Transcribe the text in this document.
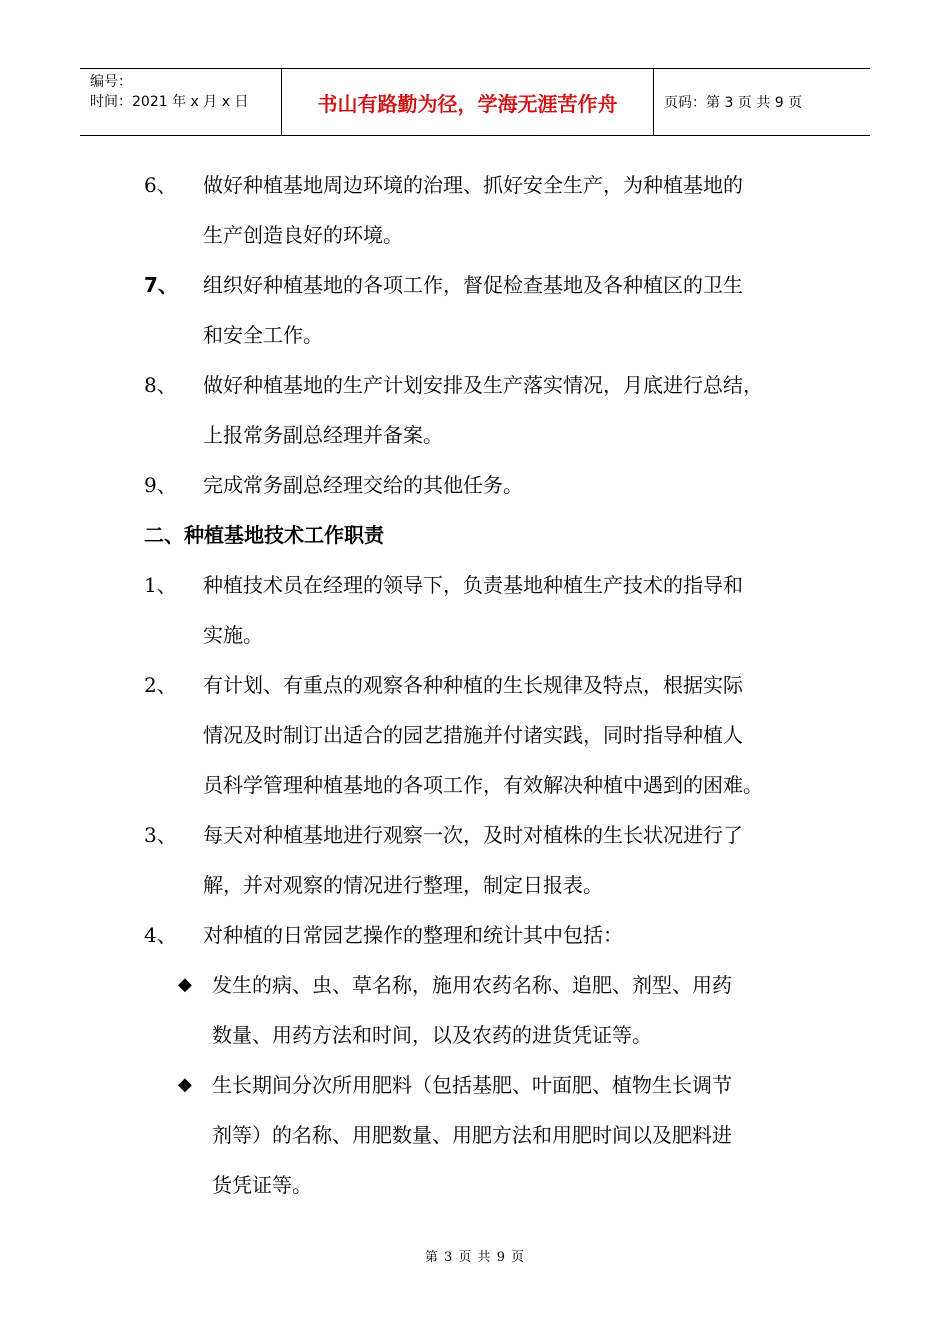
编号：
时间：2021 年 x 月 x 日	书山有路勤为径，学海无涯苦作舟	页码：第 3 页 共 9 页
6、 做好种植基地周边环境的治理、抓好安全生产，为种植基地的
生产创造良好的环境。
7、 组织好种植基地的各项工作，督促检查基地及各种植区的卫生
和安全工作。
8、 做好种植基地的生产计划安排及生产落实情况，月底进行总结，
上报常务副总经理并备案。
9、 完成常务副总经理交给的其他任务。
二、种植基地技术工作职责
1、 种植技术员在经理的领导下，负责基地种植生产技术的指导和
实施。
2、 有计划、有重点的观察各种种植的生长规律及特点，根据实际
情况及时制订出适合的园艺措施并付诸实践，同时指导种植人
员科学管理种植基地的各项工作，有效解决种植中遇到的困难。
3、 每天对种植基地进行观察一次，及时对植株的生长状况进行了
解，并对观察的情况进行整理，制定日报表。
4、 对种植的日常园艺操作的整理和统计其中包括：
◆ 发生的病、虫、草名称，施用农药名称、追肥、剂型、用药
数量、用药方法和时间，以及农药的进货凭证等。
◆ 生长期间分次所用肥料（包括基肥、叶面肥、植物生长调节
剂等）的名称、用肥数量、用肥方法和用肥时间以及肥料进
货凭证等。
第 3 页 共 9 页
